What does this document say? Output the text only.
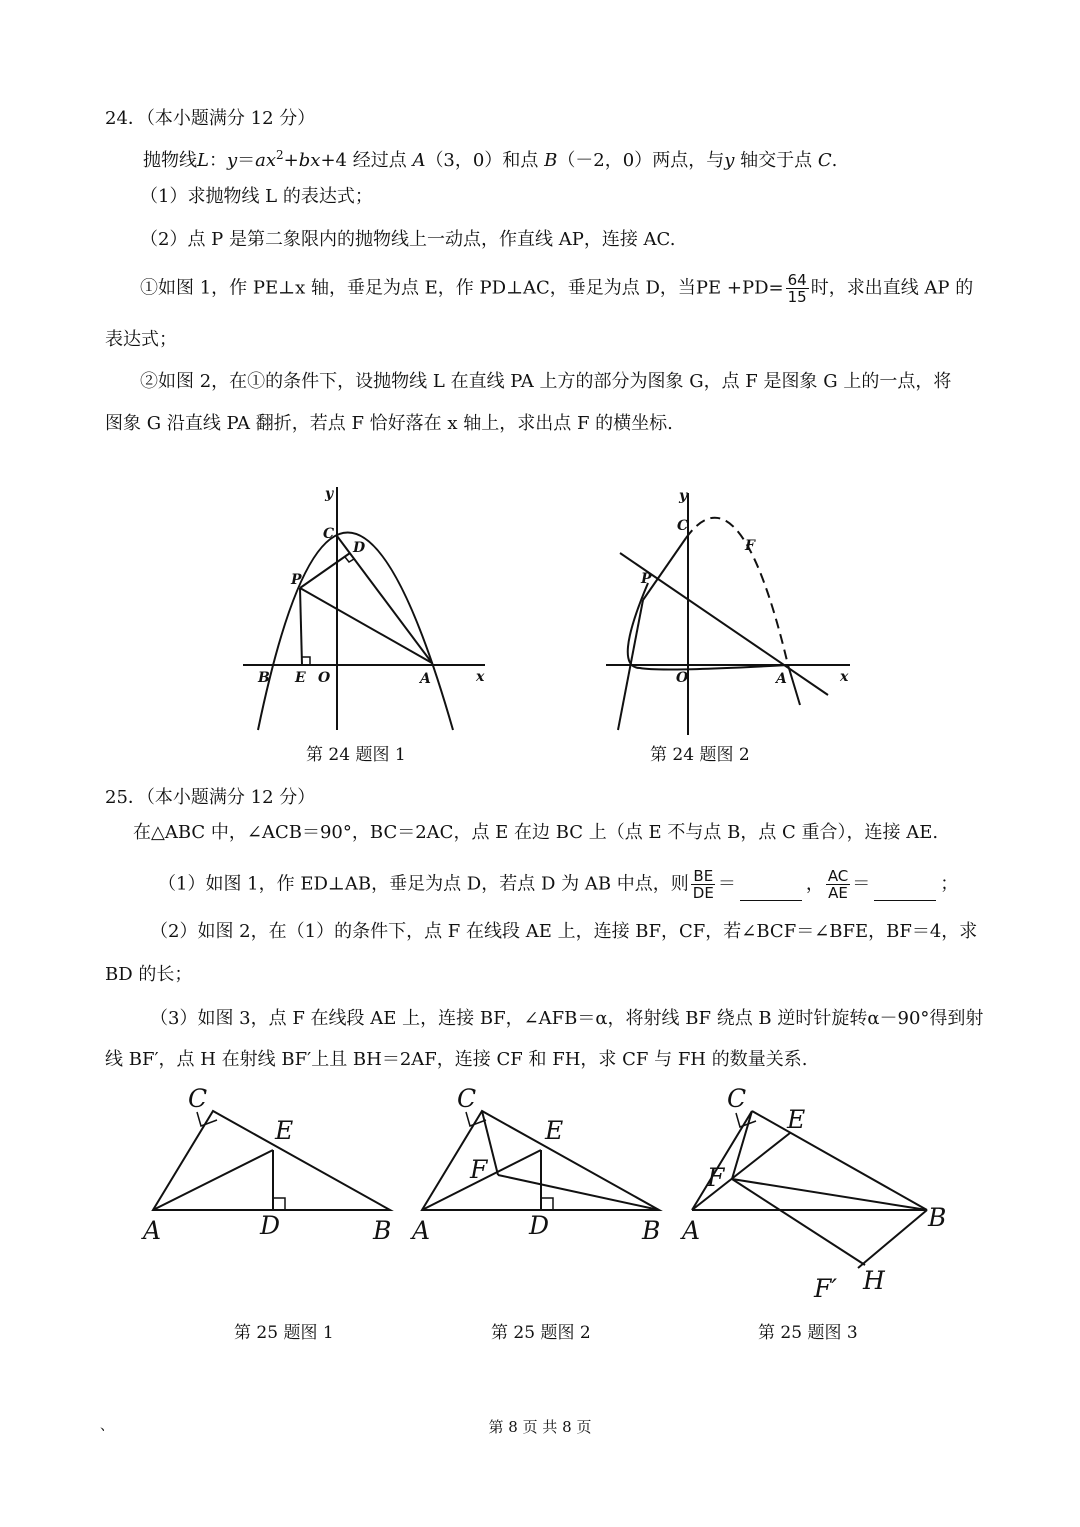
24．（本小题满分 12 分）
抛物线L：$y=ax^2+bx+4$ 经过点 A（3，0）和点 B（－2，0）两点，与y 轴交于点 C.
（1）求抛物线 L 的表达式；
（2）点 P 是第二象限内的抛物线上一动点，作直线 AP，连接 AC.
①如图 1，作 PE⊥x 轴，垂足为点 E，作 PD⊥AC，垂足为点 D，当PE $+PD= \frac{64}{15}$ 时，求出直线 AP 的
表达式；
②如图 2，在①的条件下，设抛物线 L 在直线 PA 上方的部分为图象 G，点 F 是图象 G 上的一点，将
图象 G 沿直线 PA 翻折，若点 F 恰好落在 x 轴上，求出点 F 的横坐标.
y
C
D
P
B E O	A	x
第 24 题图 1
y
C
F
P
O	A	x
第 24 题图 2
25．（本小题满分 12 分）
在△ABC 中，∠ACB＝90°，BC＝2AC，点 E 在边 BC 上（点 E 不与点 B，点 C 重合），连接 AE.
（1）如图 1，作 ED⊥AB，垂足为点 D，若点 D 为 AB 中点，则 $\frac{BE}{DE}$ ＝	， $\frac{AC}{AE}$ ＝	；
（2）如图 2，在（1）的条件下，点 F 在线段 AE 上，连接 BF，CF，若∠BCF＝∠BFE，BF＝4，求
BD 的长；
（3）如图 3，点 F 在线段 AE 上，连接 BF，∠AFB＝α，将射线 BF 绕点 B 逆时针旋转α－90°得到射
线 BF′，点 H 在射线 BF′上且 BH＝2AF，连接 CF 和 FH，求 CF 与 FH 的数量关系.
C
E
A	D	B
C
E
F
A	D	B
C
E
F
A	B
F′ H
第 25 题图 1	第 25 题图 2	第 25 题图 3
、	第 8 页 共 8 页
